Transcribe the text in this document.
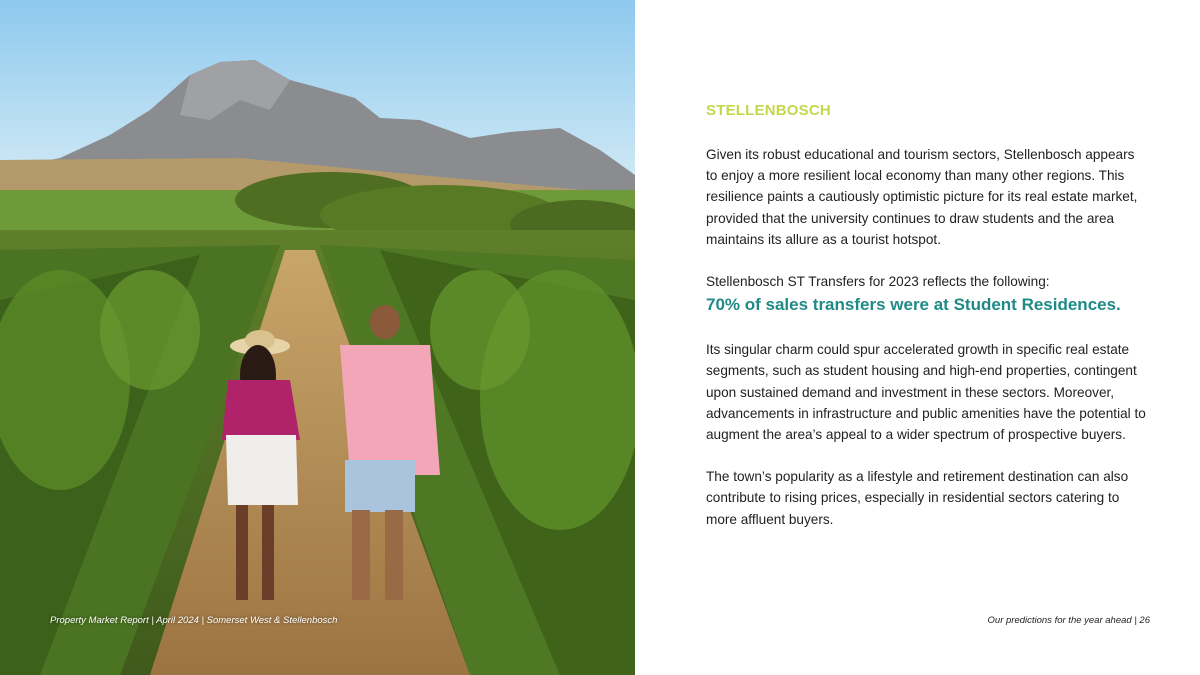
Property Market Report | April 2024 | Somerset West & Stellenbosch
STELLENBOSCH

Given its robust educational and tourism sectors, Stellenbosch appears to enjoy a more resilient local economy than many other regions. This resilience paints a cautiously optimistic picture for its real estate market, provided that the university continues to draw students and the area maintains its allure as a tourist hotspot.

Stellenbosch ST Transfers for 2023 reflects the following:

70% of sales transfers were at Student Residences.

Its singular charm could spur accelerated growth in specific real estate segments, such as student housing and high-end properties, contingent upon sustained demand and investment in these sectors. Moreover, advancements in infrastructure and public amenities have the potential to augment the area’s appeal to a wider spectrum of prospective buyers.

The town’s popularity as a lifestyle and retirement destination can also contribute to rising prices, especially in residential sectors catering to more affluent buyers.

Our predictions for the year ahead | 26
